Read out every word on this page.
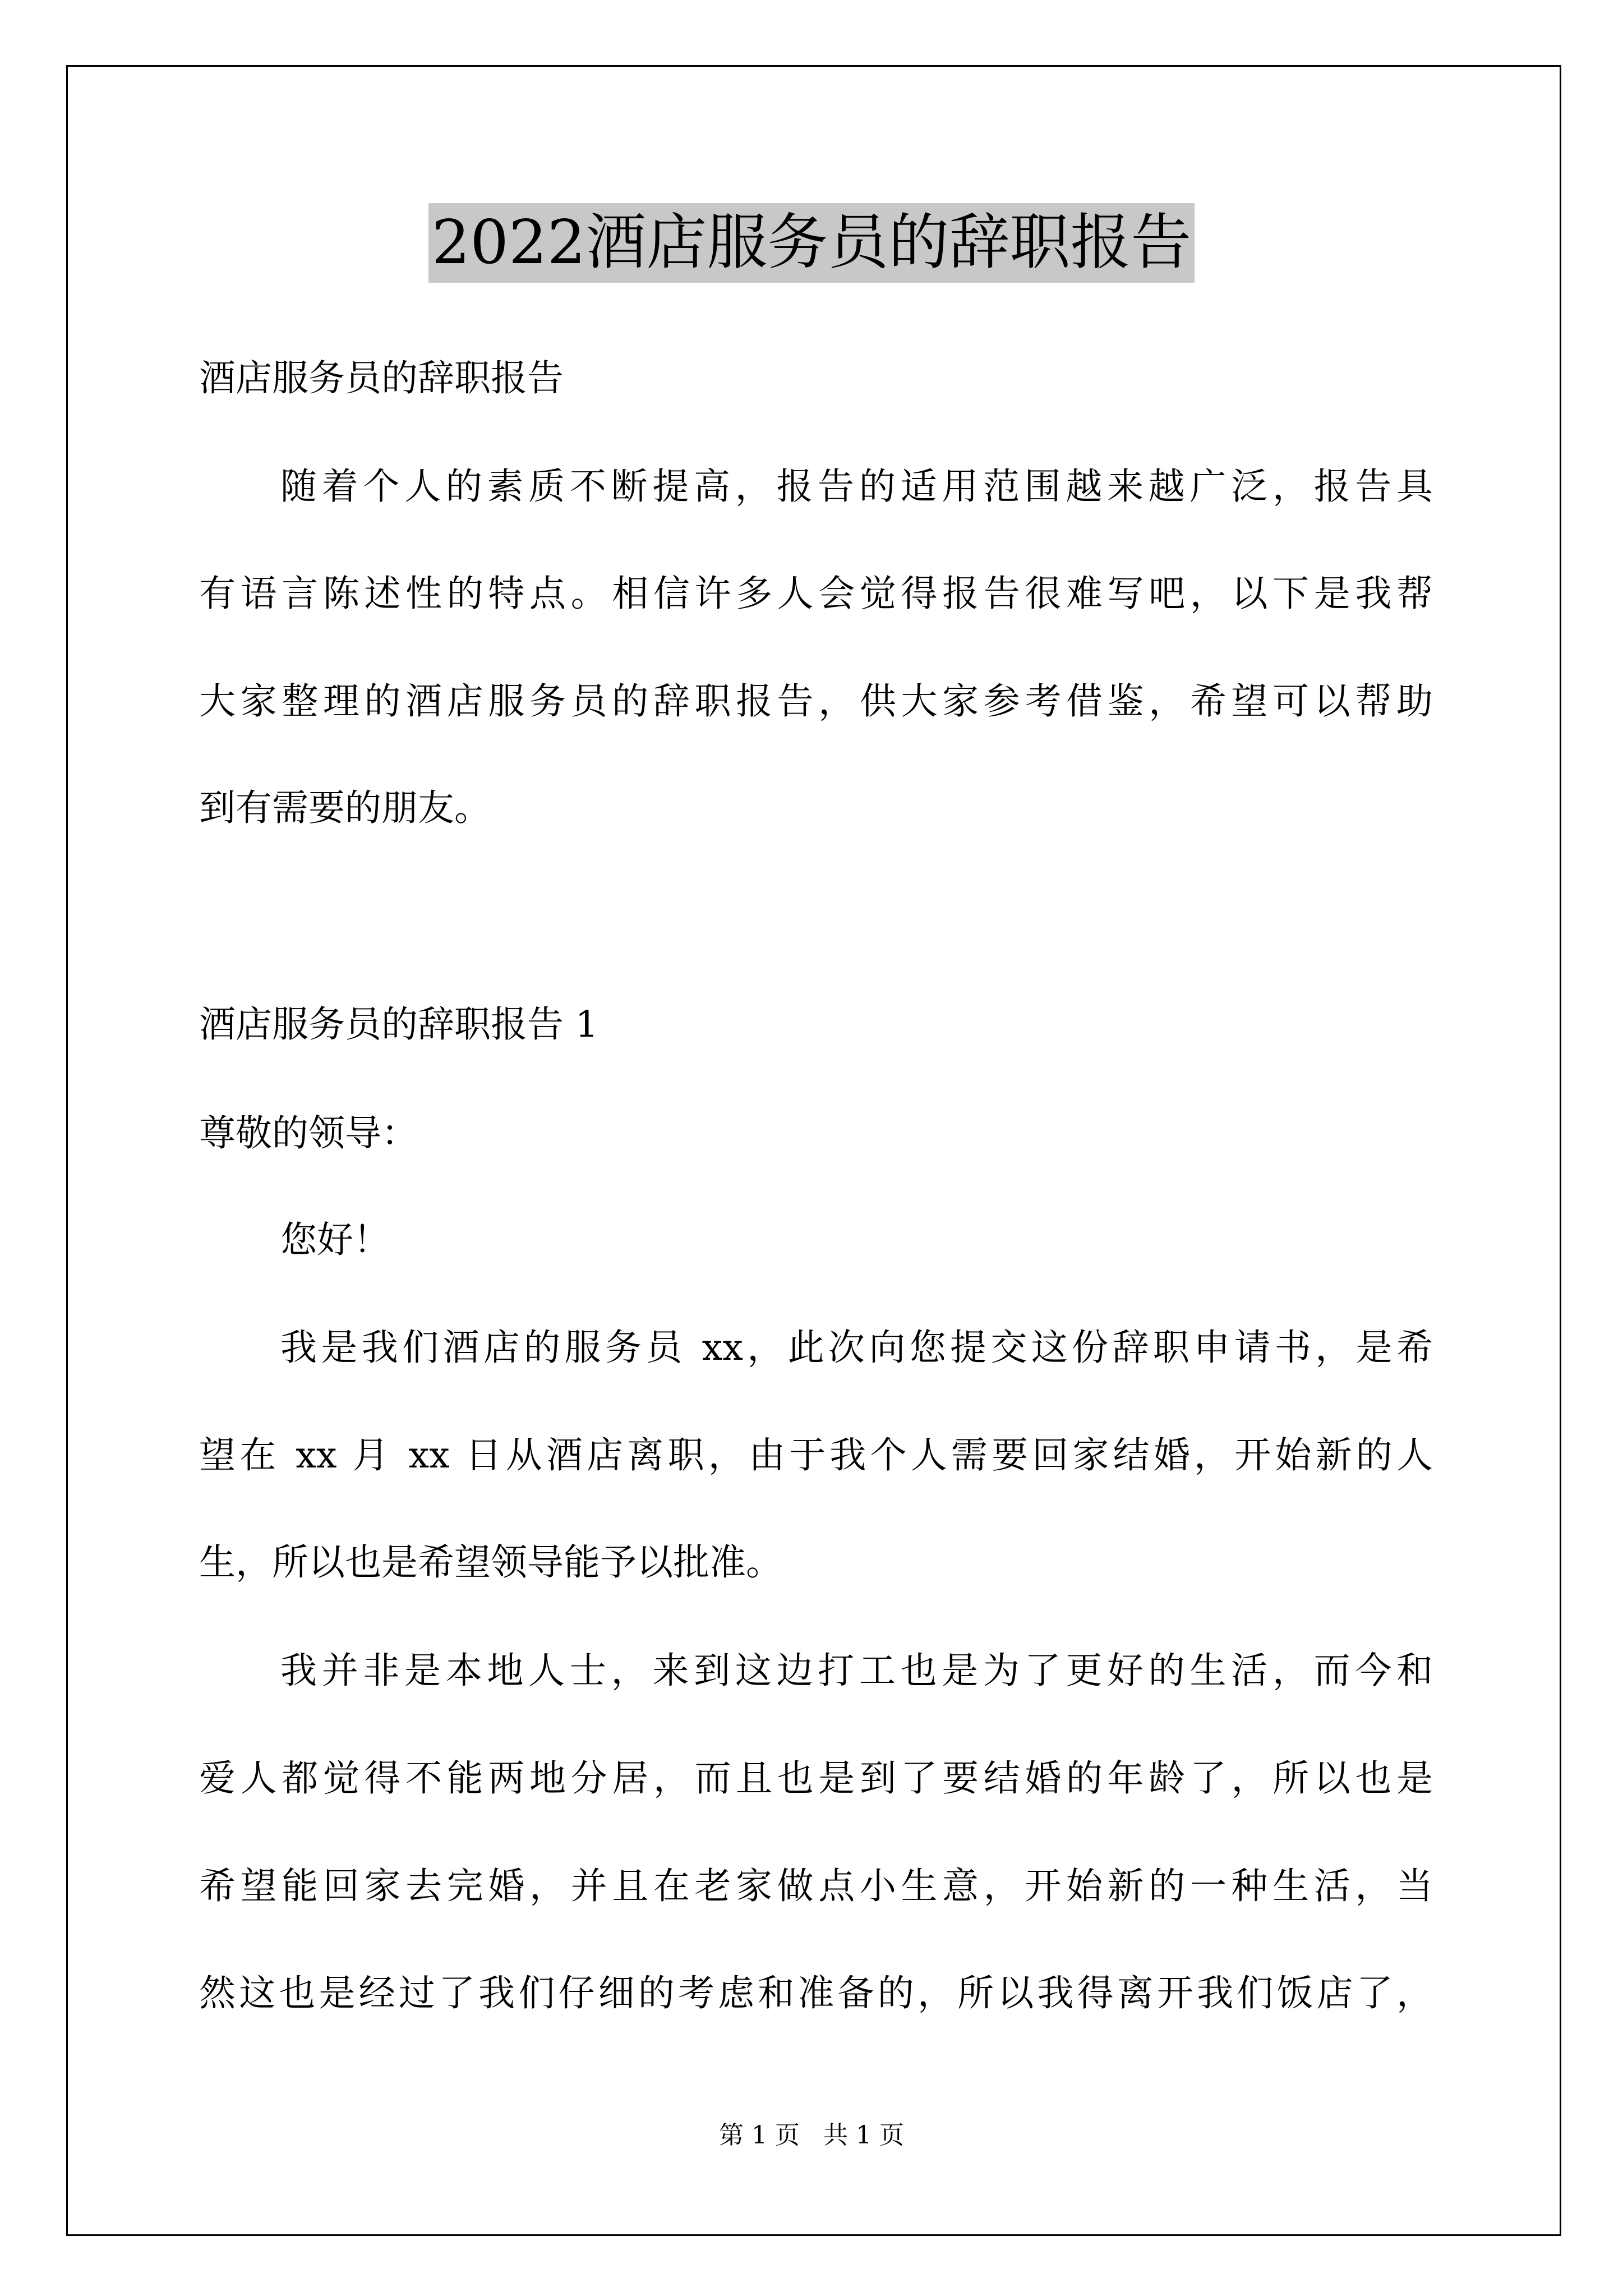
2022酒店服务员的辞职报告
酒店服务员的辞职报告
随着个人的素质不断提高，报告的适用范围越来越广泛，报告具
有语言陈述性的特点。相信许多人会觉得报告很难写吧，以下是我帮
大家整理的酒店服务员的辞职报告，供大家参考借鉴，希望可以帮助
到有需要的朋友。
酒店服务员的辞职报告 1
尊敬的领导：
您好！
我是我们酒店的服务员 xx，此次向您提交这份辞职申请书，是希
望在 xx 月 xx 日从酒店离职，由于我个人需要回家结婚，开始新的人
生，所以也是希望领导能予以批准。
我并非是本地人士，来到这边打工也是为了更好的生活，而今和
爱人都觉得不能两地分居，而且也是到了要结婚的年龄了，所以也是
希望能回家去完婚，并且在老家做点小生意，开始新的一种生活，当
然这也是经过了我们仔细的考虑和准备的，所以我得离开我们饭店了，
第 1 页   共 1 页
